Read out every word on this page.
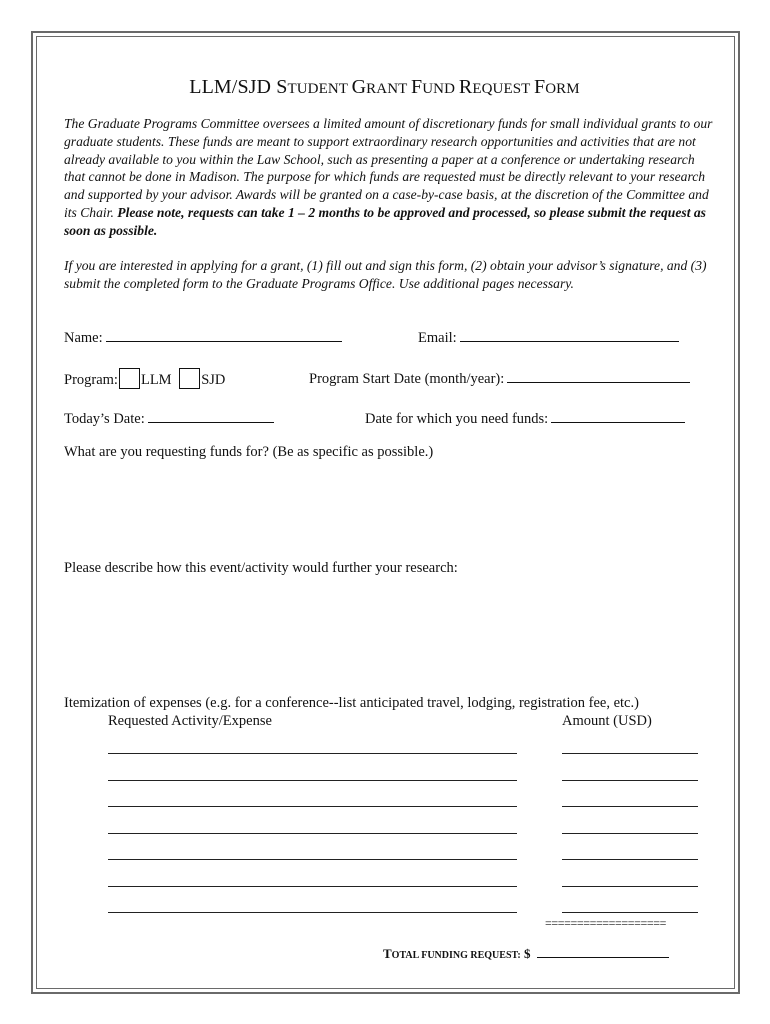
LLM/SJD STUDENT GRANT FUND REQUEST FORM
The Graduate Programs Committee oversees a limited amount of discretionary funds for small individual grants to our graduate students. These funds are meant to support extraordinary research opportunities and activities that are not already available to you within the Law School, such as presenting a paper at a conference or undertaking research that cannot be done in Madison. The purpose for which funds are requested must be directly relevant to your research and supported by your advisor. Awards will be granted on a case-by-case basis, at the discretion of the Committee and its Chair. Please note, requests can take 1 – 2 months to be approved and processed, so please submit the request as soon as possible.
If you are interested in applying for a grant, (1) fill out and sign this form, (2) obtain your advisor’s signature, and (3) submit the completed form to the Graduate Programs Office. Use additional pages necessary.
Name:	Email:
Program: LLM SJD	Program Start Date (month/year):
Today’s Date:	Date for which you need funds:
What are you requesting funds for? (Be as specific as possible.)
Please describe how this event/activity would further your research:
Itemization of expenses (e.g. for a conference--list anticipated travel, lodging, registration fee, etc.)
Requested Activity/Expense	Amount (USD)
===================
TOTAL FUNDING REQUEST: $
